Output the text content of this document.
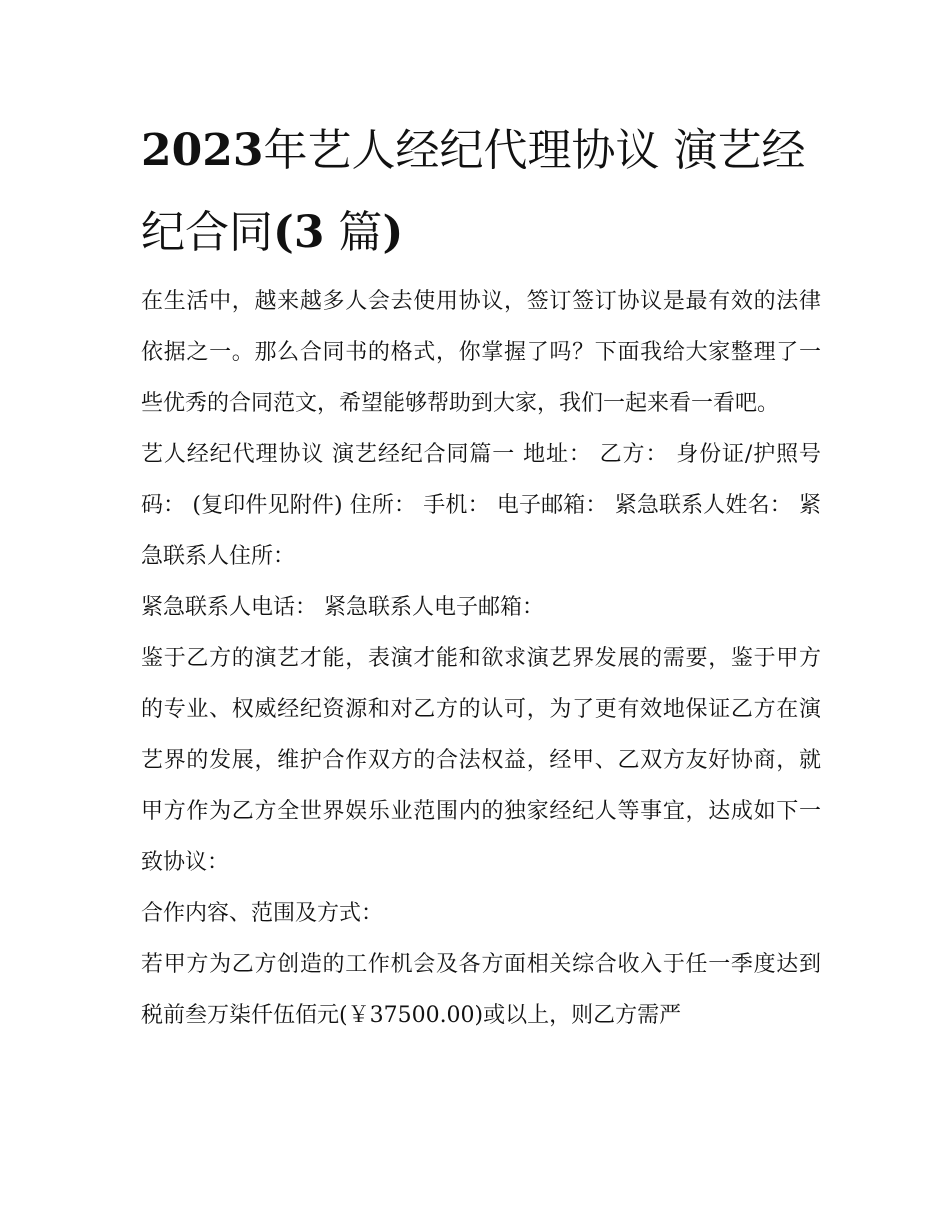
2023年艺人经纪代理协议 演艺经纪合同(3 篇)

在生活中，越来越多人会去使用协议，签订签订协议是最有效的法律依据之一。那么合同书的格式，你掌握了吗？下面我给大家整理了一些优秀的合同范文，希望能够帮助到大家，我们一起来看一看吧。

艺人经纪代理协议 演艺经纪合同篇一 地址： 乙方： 身份证/护照号码： (复印件见附件) 住所： 手机： 电子邮箱： 紧急联系人姓名： 紧急联系人住所：

紧急联系人电话： 紧急联系人电子邮箱：

鉴于乙方的演艺才能，表演才能和欲求演艺界发展的需要，鉴于甲方的专业、权威经纪资源和对乙方的认可，为了更有效地保证乙方在演艺界的发展，维护合作双方的合法权益，经甲、乙双方友好协商，就甲方作为乙方全世界娱乐业范围内的独家经纪人等事宜，达成如下一致协议：

合作内容、范围及方式：

若甲方为乙方创造的工作机会及各方面相关综合收入于任一季度达到税前叁万柒仟伍佰元(￥37500.00)或以上，则乙方需严
